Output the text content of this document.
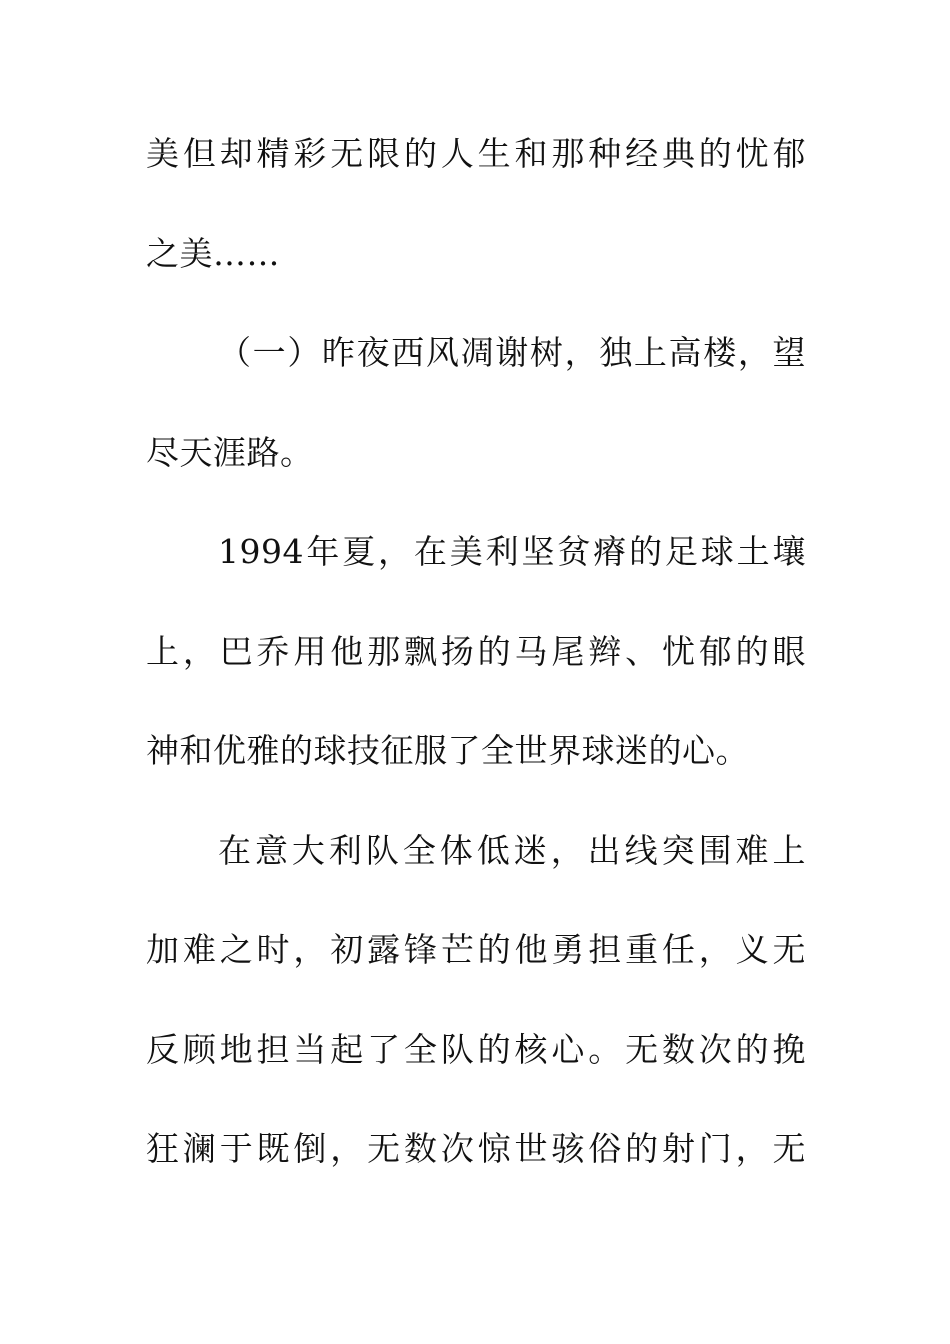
美但却精彩无限的人生和那种经典的忧郁
之美……
（一）昨夜西风凋谢树，独上高楼，望
尽天涯路。
1994年夏，在美利坚贫瘠的足球土壤
上，巴乔用他那飘扬的马尾辫、忧郁的眼
神和优雅的球技征服了全世界球迷的心。
在意大利队全体低迷，出线突围难上
加难之时，初露锋芒的他勇担重任，义无
反顾地担当起了全队的核心。无数次的挽
狂澜于既倒，无数次惊世骇俗的射门，无
